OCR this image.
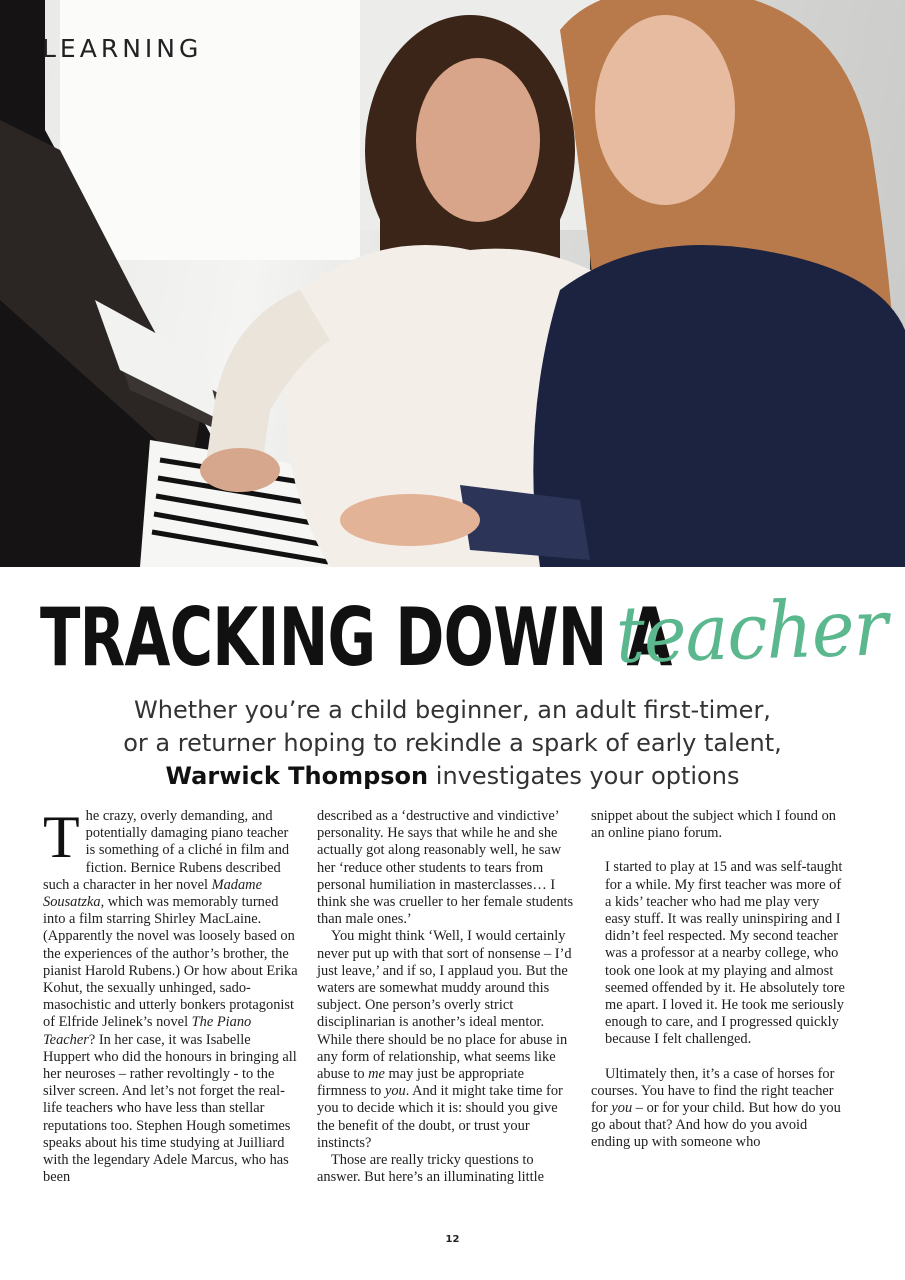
LEARNING
TRACKING DOWN A
teacher
Whether you’re a child beginner, an adult first-timer,
or a returner hoping to rekindle a spark of early talent,
Warwick Thompson investigates your options

The crazy, overly demanding, and potentially damaging piano teacher is something of a cliché in film and fiction. Bernice Rubens described such a character in her novel Madame Sousatzka, which was memorably turned into a film starring Shirley MacLaine. (Apparently the novel was loosely based on the experiences of the author’s brother, the pianist Harold Rubens.) Or how about Erika Kohut, the sexually unhinged, sado-masochistic and utterly bonkers protagonist of Elfride Jelinek’s novel The Piano Teacher? In her case, it was Isabelle Huppert who did the honours in bringing all her neuroses – rather revoltingly - to the silver screen. And let’s not forget the real-life teachers who have less than stellar reputations too. Stephen Hough sometimes speaks about his time studying at Juilliard with the legendary Adele Marcus, who has been

described as a ‘destructive and vindictive’ personality. He says that while he and she actually got along reasonably well, he saw her ‘reduce other students to tears from personal humiliation in masterclasses… I think she was crueller to her female students than male ones.’

You might think ‘Well, I would certainly never put up with that sort of nonsense – I’d just leave,’ and if so, I applaud you. But the waters are somewhat muddy around this subject. One person’s overly strict disciplinarian is another’s ideal mentor. While there should be no place for abuse in any form of relationship, what seems like abuse to me may just be appropriate firmness to you. And it might take time for you to decide which it is: should you give the benefit of the doubt, or trust your instincts?

Those are really tricky questions to answer. But here’s an illuminating little

snippet about the subject which I found on an online piano forum.

I started to play at 15 and was self-taught for a while. My first teacher was more of a kids’ teacher who had me play very easy stuff. It was really uninspiring and I didn’t feel respected. My second teacher was a professor at a nearby college, who took one look at my playing and almost seemed offended by it. He absolutely tore me apart. I loved it. He took me seriously enough to care, and I progressed quickly because I felt challenged.

Ultimately then, it’s a case of horses for courses. You have to find the right teacher for you – or for your child. But how do you go about that? And how do you avoid ending up with someone who

12
